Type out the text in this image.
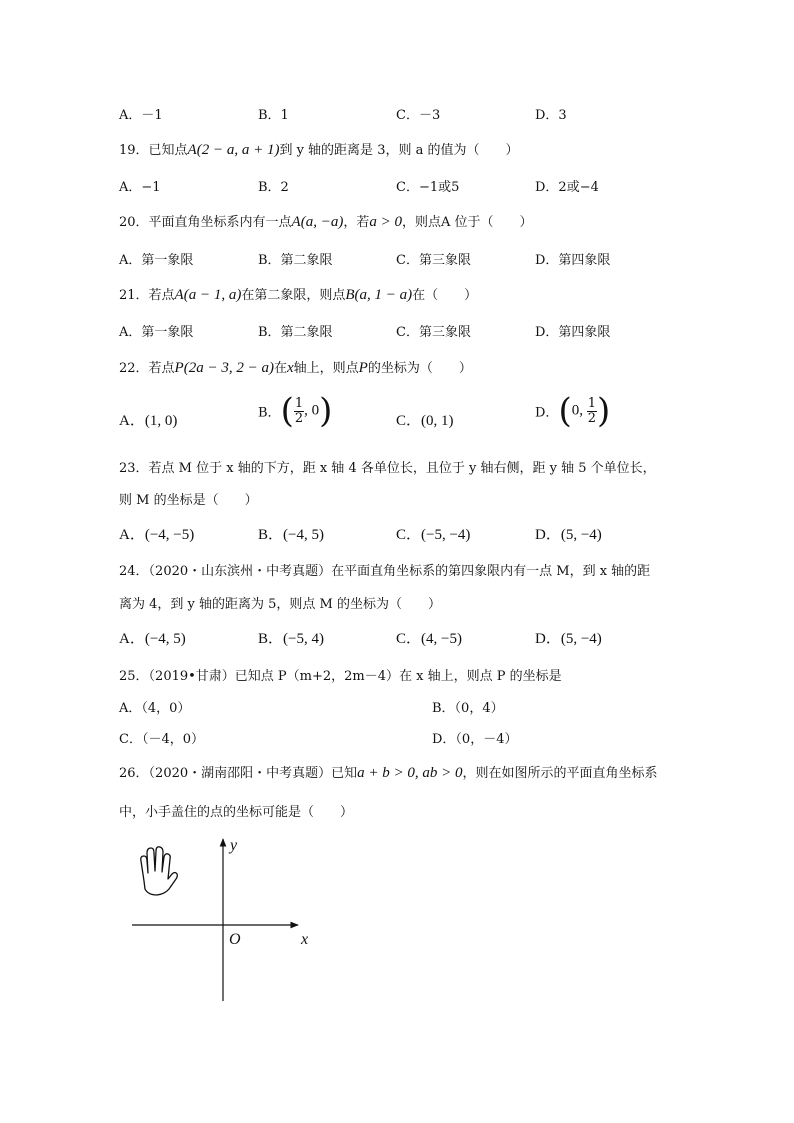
A．－1	B．1	C．－3	D．3
19．已知点A(2 − a, a + 1)到 y 轴的距离是 3，则 a 的值为（　　）
A．−1	B．2	C．−1或5	D．2或−4
20．平面直角坐标系内有一点A(a, −a)，若a > 0，则点A 位于（　　）
A．第一象限	B．第二象限	C．第三象限	D．第四象限
21．若点A(a − 1, a)在第二象限，则点B(a, 1 − a)在（　　）
A．第一象限	B．第二象限	C．第三象限	D．第四象限
22．若点P(2a − 3, 2 − a)在x轴上，则点P的坐标为（　　）
A．(1, 0)	B．( $\frac{1}{2}$ , 0)	C．(0, 1)	D．(0, $\frac{1}{2}$ )
23．若点 M 位于 x 轴的下方，距 x 轴 4 各单位长，且位于 y 轴右侧，距 y 轴 5 个单位长，
则 M 的坐标是（　　）
A．(−4, −5)	B．(−4, 5)	C．(−5, −4)	D．(5, −4)
24．（2020・山东滨州・中考真题）在平面直角坐标系的第四象限内有一点 M，到 x 轴的距
离为 4，到 y 轴的距离为 5，则点 M 的坐标为（　　）
A．(−4, 5)	B．(−5, 4)	C．(4, −5)	D．(5, −4)
25．（2019•甘肃）已知点 P（m+2，2m－4）在 x 轴上，则点 P 的坐标是
A．（4，0）	B．（0，4）
C．（－4，0）	D．（0，－4）
26．（2020・湖南邵阳・中考真题）已知a + b > 0, ab > 0，则在如图所示的平面直角坐标系
中，小手盖住的点的坐标可能是（　　）
y
x
O
